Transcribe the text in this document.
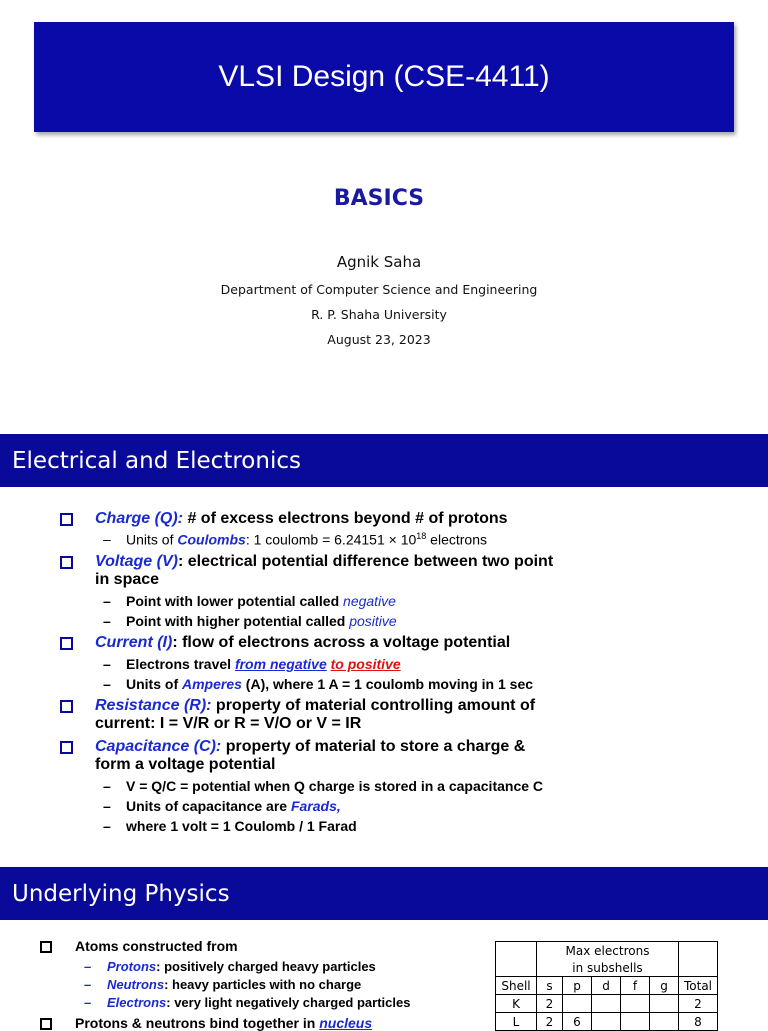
VLSI Design (CSE-4411)
BASICS
Agnik Saha
Department of Computer Science and Engineering
R. P. Shaha University
August 23, 2023
Electrical and Electronics
Charge (Q): # of excess electrons beyond # of protons
– Units of Coulombs: 1 coulomb = $6.24151 \times 10^{18}$ electrons
Voltage (V): electrical potential difference between two point
in space
– Point with lower potential called negative
– Point with higher potential called positive
Current (I): flow of electrons across a voltage potential
– Electrons travel from negative to positive
– Units of Amperes (A), where 1 A = 1 coulomb moving in 1 sec
Resistance (R): property of material controlling amount of
current: I = V/R or R = V/O or V = IR
Capacitance (C): property of material to store a charge &
form a voltage potential
– V = Q/C = potential when Q charge is stored in a capacitance C
– Units of capacitance are Farads,
– where 1 volt = 1 Coulomb / 1 Farad
Underlying Physics
Atoms constructed from
– Protons: positively charged heavy particles
– Neutrons: heavy particles with no charge
– Electrons: very light negatively charged particles
Protons & neutrons bind together in nucleus
	Max electrons					
	in subshells					
Shell	s	p	d	f	g	Total
K	2					2
L	2	6				8
